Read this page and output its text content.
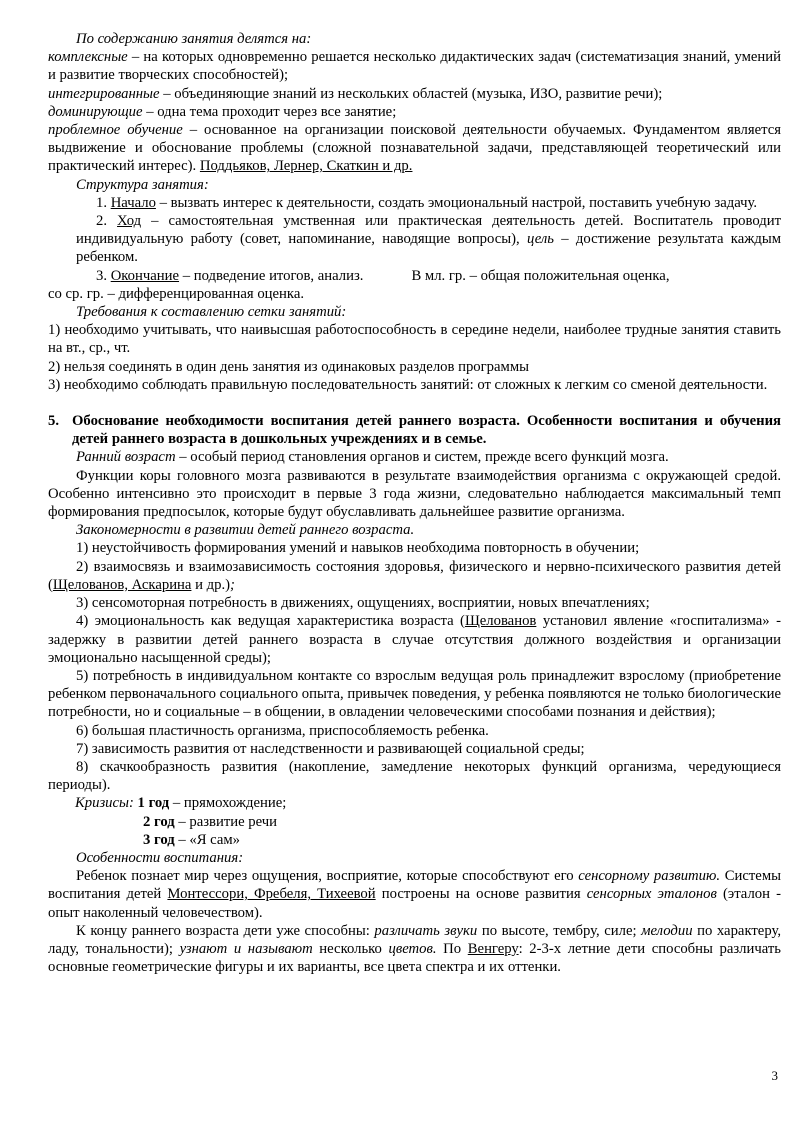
По содержанию занятия делятся на:

комплексные – на которых одновременно решается несколько дидактических задач (систематизация знаний, умений и развитие творческих способностей);

интегрированные – объединяющие знаний из нескольких областей (музыка, ИЗО, развитие речи);

доминирующие – одна тема проходит через все занятие;

проблемное обучение – основанное на организации поисковой деятельности обучаемых. Фундаментом является выдвижение и обоснование проблемы (сложной познавательной задачи, представляющей теоретический или практический интерес). Поддьяков, Лернер, Скаткин и др.

Структура занятия:

1. Начало – вызвать интерес к деятельности, создать эмоциональный настрой, поставить учебную задачу.

2. Ход – самостоятельная умственная или практическая деятельность детей. Воспитатель проводит индивидуальную работу (совет, напоминание, наводящие вопросы), цель – достижение результата каждым ребенком.

3. Окончание – подведение итогов, анализ.	В мл. гр. – общая положительная оценка,

со ср. гр. – дифференцированная оценка.

Требования к составлению сетки занятий:

1) необходимо учитывать, что наивысшая работоспособность в середине недели, наиболее трудные занятия ставить на вт., ср., чт.

2) нельзя соединять в один день занятия из одинаковых разделов программы

3) необходимо соблюдать правильную последовательность занятий: от сложных к легким со сменой деятельности.

5. Обоснование необходимости воспитания детей раннего возраста. Особенности воспитания и обучения детей раннего возраста в дошкольных учреждениях и в семье.

Ранний возраст – особый период становления органов и систем, прежде всего функций мозга.

Функции коры головного мозга развиваются в результате взаимодействия организма с окружающей средой. Особенно интенсивно это происходит в первые 3 года жизни, следовательно наблюдается максимальный темп формирования предпосылок, которые будут обуславливать дальнейшее развитие организма.

Закономерности в развитии детей раннего возраста.

1) неустойчивость формирования умений и навыков необходима повторность в обучении;

2) взаимосвязь и взаимозависимость состояния здоровья, физического и нервно-психического развития детей (Щелованов, Аскарина и др.);

3) сенсомоторная потребность в движениях, ощущениях, восприятии, новых впечатлениях;

4) эмоциональность как ведущая характеристика возраста (Щелованов установил явление «госпитализма» - задержку в развитии детей раннего возраста в случае отсутствия должного воздействия и организации эмоционально насыщенной среды);

5) потребность в индивидуальном контакте со взрослым ведущая роль принадлежит взрослому (приобретение ребенком первоначального социального опыта, привычек поведения, у ребенка появляются не только биологические потребности, но и социальные – в общении, в овладении человеческими способами познания и действия);

6) большая пластичность организма, приспособляемость ребенка.

7) зависимость развития от наследственности и развивающей социальной среды;

8) скачкообразность развития (накопление, замедление некоторых функций организма, чередующиеся периоды).

Кризисы: 1 год – прямохождение;

2 год – развитие речи

3 год – «Я сам»

Особенности воспитания:

Ребенок познает мир через ощущения, восприятие, которые способствуют его сенсорному развитию. Системы воспитания детей Монтессори, Фребеля, Тихеевой построены на основе развития сенсорных эталонов (эталон - опыт наколенный человечеством).

К концу раннего возраста дети уже способны: различать звуки по высоте, тембру, силе; мелодии по характеру, ладу, тональности); узнают и называют несколько цветов. По Венгеру: 2-3-х летние дети способны различать основные геометрические фигуры и их варианты, все цвета спектра и их оттенки.

3
